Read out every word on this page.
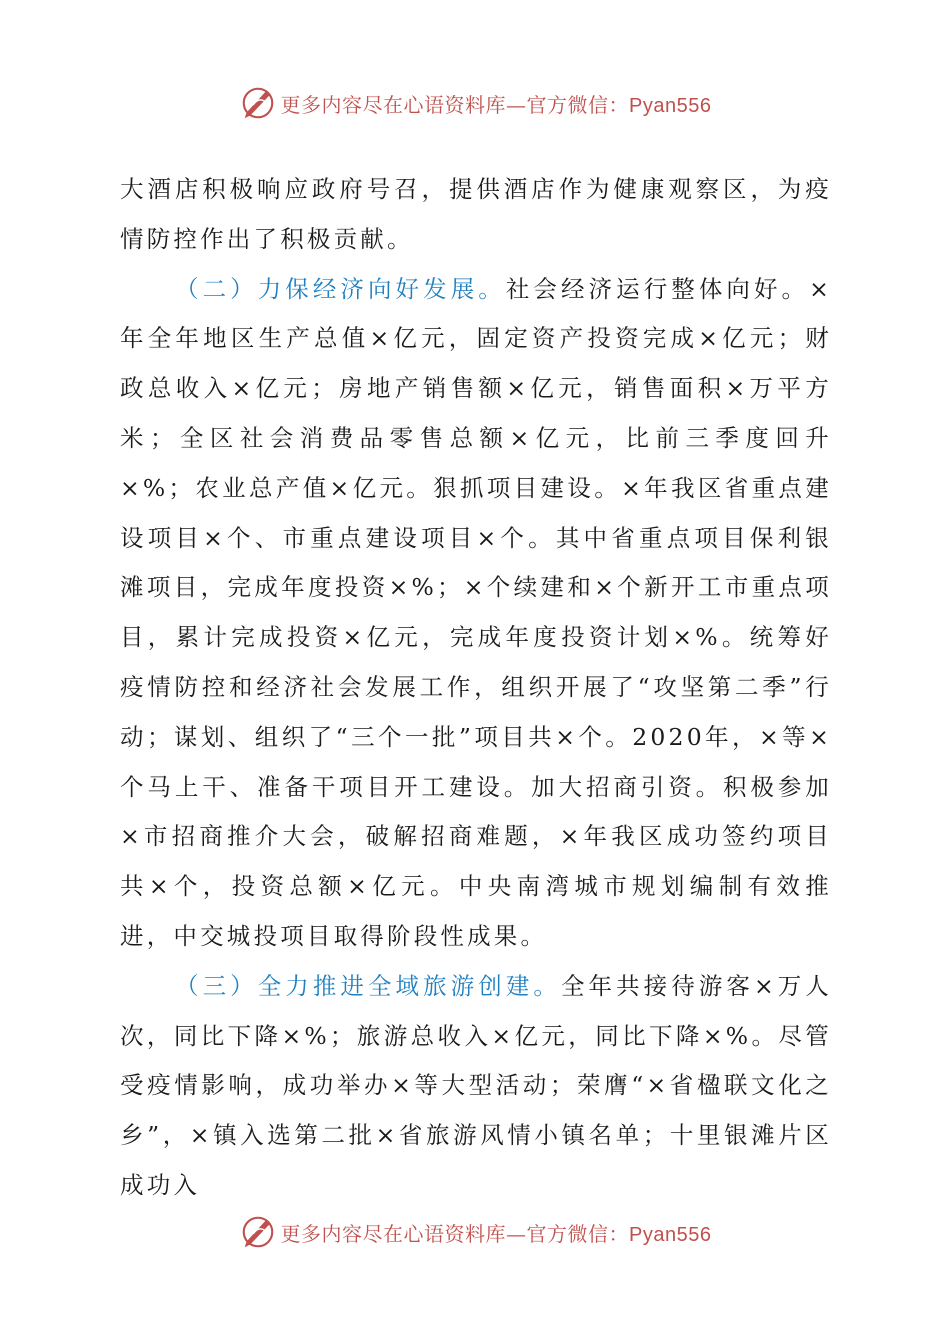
更多内容尽在心语资料库—官方微信：Pyan556

大酒店积极响应政府号召，提供酒店作为健康观察区，为疫情防控作出了积极贡献。

（二）力保经济向好发展。社会经济运行整体向好。×年全年地区生产总值×亿元，固定资产投资完成×亿元；财政总收入×亿元；房地产销售额×亿元，销售面积×万平方米；全区社会消费品零售总额×亿元，比前三季度回升×%；农业总产值×亿元。狠抓项目建设。×年我区省重点建设项目×个、市重点建设项目×个。其中省重点项目保利银滩项目，完成年度投资×%；×个续建和×个新开工市重点项目，累计完成投资×亿元，完成年度投资计划×%。统筹好疫情防控和经济社会发展工作，组织开展了“攻坚第二季”行动；谋划、组织了“三个一批”项目共×个。2020年，×等×个马上干、准备干项目开工建设。加大招商引资。积极参加×市招商推介大会，破解招商难题，×年我区成功签约项目共×个，投资总额×亿元。中央南湾城市规划编制有效推进，中交城投项目取得阶段性成果。

（三）全力推进全域旅游创建。全年共接待游客×万人次，同比下降×%；旅游总收入×亿元，同比下降×%。尽管受疫情影响，成功举办×等大型活动；荣膺“×省楹联文化之乡”，×镇入选第二批×省旅游风情小镇名单；十里银滩片区成功入

更多内容尽在心语资料库—官方微信：Pyan556
